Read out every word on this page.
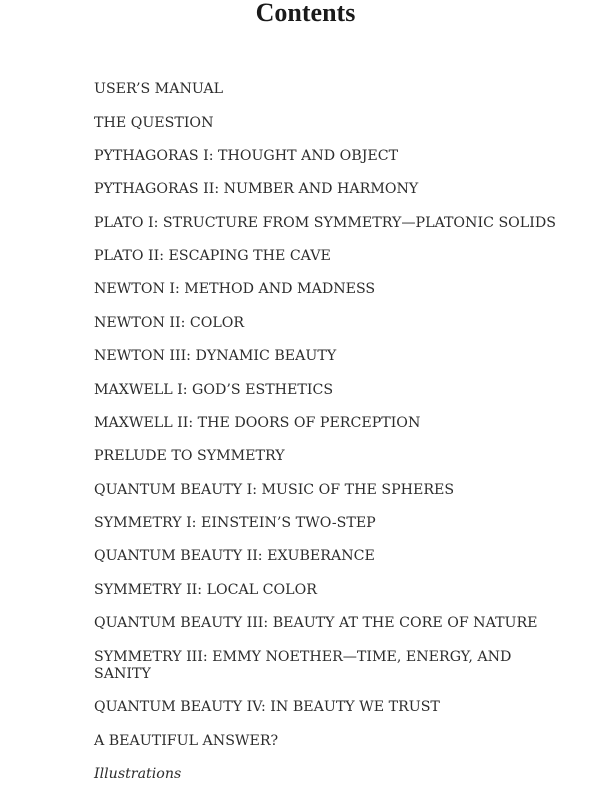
Contents
USER’S MANUAL
THE QUESTION
PYTHAGORAS I: THOUGHT AND OBJECT
PYTHAGORAS II: NUMBER AND HARMONY
PLATO I: STRUCTURE FROM SYMMETRY—PLATONIC SOLIDS
PLATO II: ESCAPING THE CAVE
NEWTON I: METHOD AND MADNESS
NEWTON II: COLOR
NEWTON III: DYNAMIC BEAUTY
MAXWELL I: GOD’S ESTHETICS
MAXWELL II: THE DOORS OF PERCEPTION
PRELUDE TO SYMMETRY
QUANTUM BEAUTY I: MUSIC OF THE SPHERES
SYMMETRY I: EINSTEIN’S TWO-STEP
QUANTUM BEAUTY II: EXUBERANCE
SYMMETRY II: LOCAL COLOR
QUANTUM BEAUTY III: BEAUTY AT THE CORE OF NATURE
SYMMETRY III: EMMY NOETHER—TIME, ENERGY, AND SANITY
QUANTUM BEAUTY IV: IN BEAUTY WE TRUST
A BEAUTIFUL ANSWER?
Illustrations
